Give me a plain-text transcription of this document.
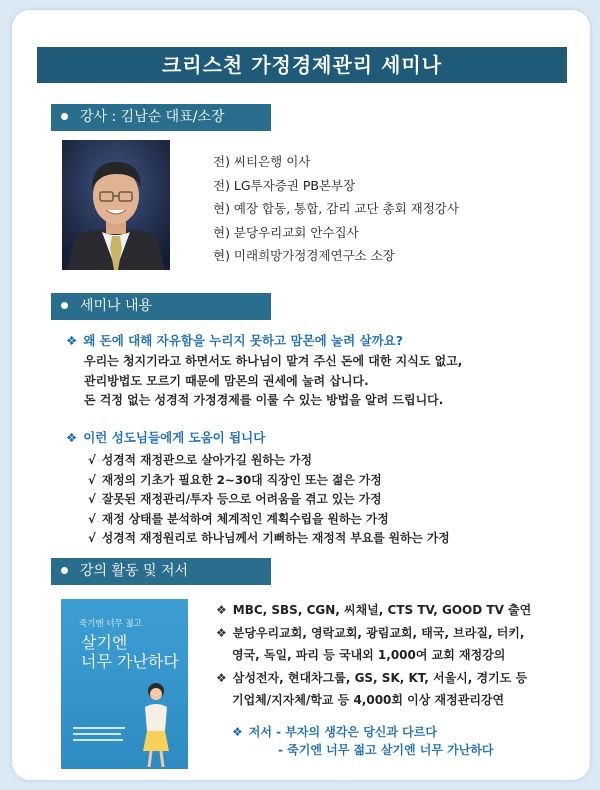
크리스천 가정경제관리 세미나
강사 : 김남순 대표/소장
전) 씨티은행 이사
전) LG투자증권 PB본부장
현) 예장 합동, 통합, 감리 교단 총회 재정강사
현) 분당우리교회 안수집사
현) 미래희망가정경제연구소 소장
세미나 내용
❖ 왜 돈에 대해 자유함을 누리지 못하고 맘몬에 눌려 살까요?
우리는 청지기라고 하면서도 하나님이 맡겨 주신 돈에 대한 지식도 없고,
관리방법도 모르기 때문에 맘몬의 권세에 눌려 삽니다.
돈 걱정 없는 성경적 가정경제를 이룰 수 있는 방법을 알려 드립니다.
❖ 이런 성도님들에게 도움이 됩니다
√ 성경적 재정관으로 살아가길 원하는 가정
√ 재정의 기초가 필요한 2~30대 직장인 또는 젊은 가정
√ 잘못된 재정관리/투자 등으로 어려움을 겪고 있는 가정
√ 재정 상태를 분석하여 체계적인 계획수립을 원하는 가정
√ 성경적 재정원리로 하나님께서 기뻐하는 재정적 부요를 원하는 가정
강의 활동 및 저서
죽기엔 너무 젊고
살기엔
너무 가난하다
❖ MBC, SBS, CGN, 씨채널, CTS TV, GOOD TV 출연
❖ 분당우리교회, 영락교회, 광림교회, 태국, 브라질, 터키,
영국, 독일, 파리 등 국내외 1,000여 교회 재정강의
❖ 삼성전자, 현대차그룹, GS, SK, KT, 서울시, 경기도 등
기업체/지자체/학교 등 4,000회 이상 재정관리강연
❖ 저서 - 부자의 생각은 당신과 다르다
- 죽기엔 너무 젊고 살기엔 너무 가난하다
